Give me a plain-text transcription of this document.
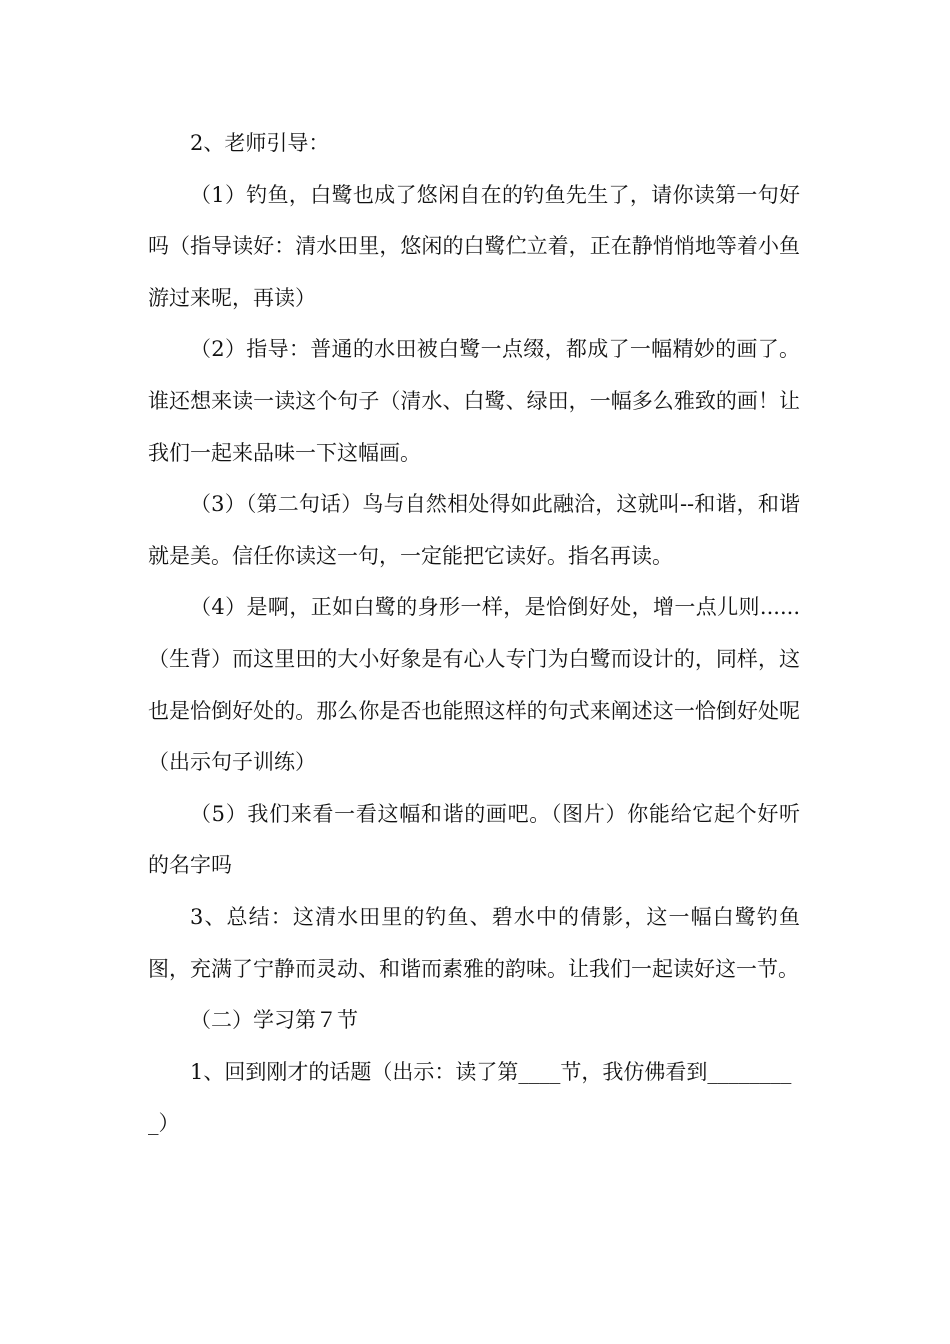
2、老师引导：

（1）钓鱼，白鹭也成了悠闲自在的钓鱼先生了，请你读第一句好吗（指导读好：清水田里，悠闲的白鹭伫立着，正在静悄悄地等着小鱼游过来呢，再读）

（2）指导：普通的水田被白鹭一点缀，都成了一幅精妙的画了。谁还想来读一读这个句子（清水、白鹭、绿田，一幅多么雅致的画！让我们一起来品味一下这幅画。

（3）（第二句话）鸟与自然相处得如此融洽，这就叫--和谐，和谐就是美。信任你读这一句，一定能把它读好。指名再读。

（4）是啊，正如白鹭的身形一样，是恰倒好处，增一点儿则......（生背）而这里田的大小好象是有心人专门为白鹭而设计的，同样，这也是恰倒好处的。那么你是否也能照这样的句式来阐述这一恰倒好处呢（出示句子训练）

（5）我们来看一看这幅和谐的画吧。（图片）你能给它起个好听的名字吗

3、总结：这清水田里的钓鱼、碧水中的倩影，这一幅白鹭钓鱼图，充满了宁静而灵动、和谐而素雅的韵味。让我们一起读好这一节。

（二）学习第７节

1、回到刚才的话题（出示：读了第____节，我仿佛看到_________）
